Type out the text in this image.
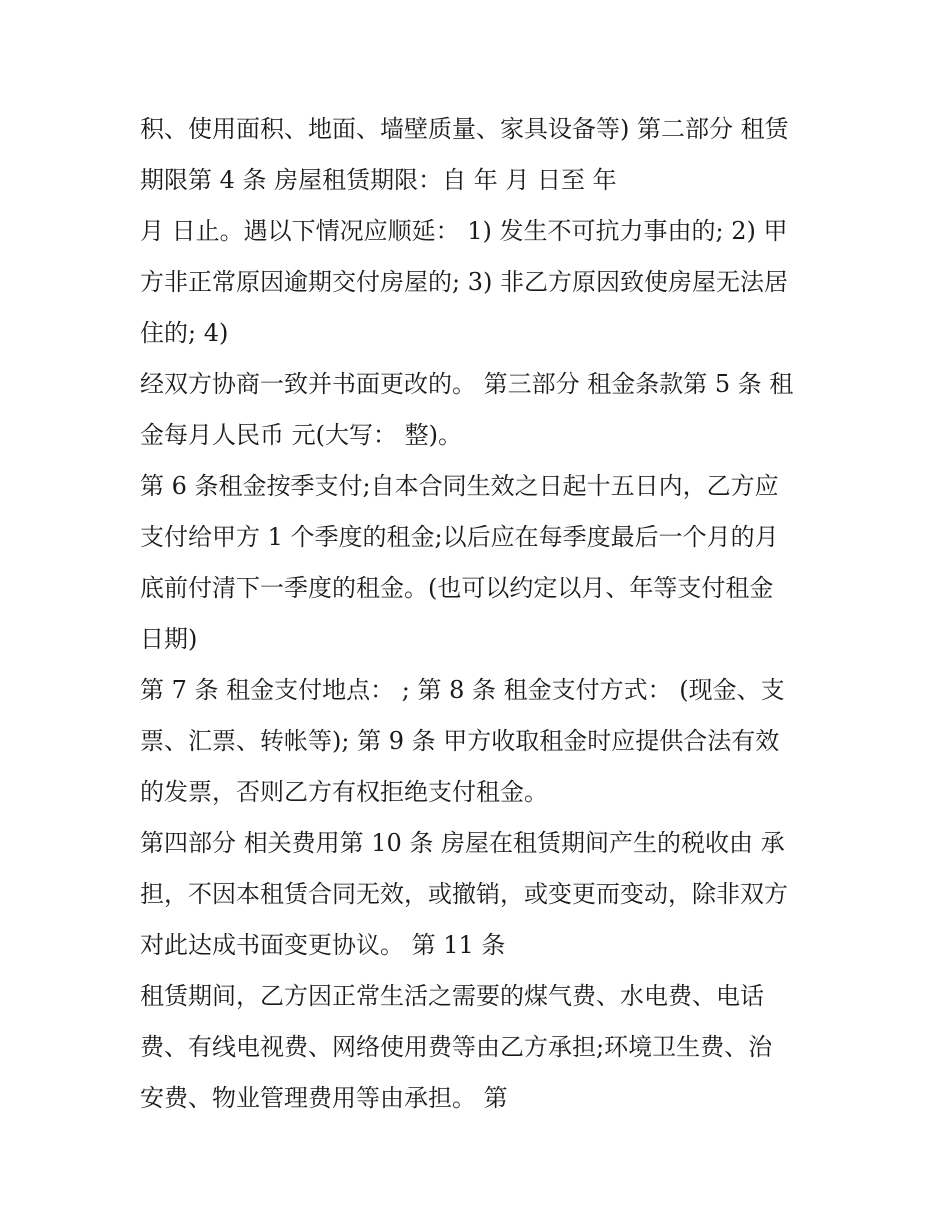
积、使用面积、地面、墙壁质量、家具设备等) 第二部分 租赁
期限第 4 条 房屋租赁期限：自 年 月 日至 年
月 日止。遇以下情况应顺延： 1) 发生不可抗力事由的; 2) 甲
方非正常原因逾期交付房屋的; 3) 非乙方原因致使房屋无法居
住的; 4)
经双方协商一致并书面更改的。 第三部分 租金条款第 5 条 租
金每月人民币 元(大写： 整)。
第 6 条租金按季支付;自本合同生效之日起十五日内，乙方应
支付给甲方 1 个季度的租金;以后应在每季度最后一个月的月
底前付清下一季度的租金。(也可以约定以月、年等支付租金
日期)
第 7 条 租金支付地点： ; 第 8 条 租金支付方式： (现金、支
票、汇票、转帐等); 第 9 条 甲方收取租金时应提供合法有效
的发票，否则乙方有权拒绝支付租金。
第四部分 相关费用第 10 条 房屋在租赁期间产生的税收由 承
担，不因本租赁合同无效，或撤销，或变更而变动，除非双方
对此达成书面变更协议。 第 11 条
租赁期间，乙方因正常生活之需要的煤气费、水电费、电话
费、有线电视费、网络使用费等由乙方承担;环境卫生费、治
安费、物业管理费用等由承担。 第
